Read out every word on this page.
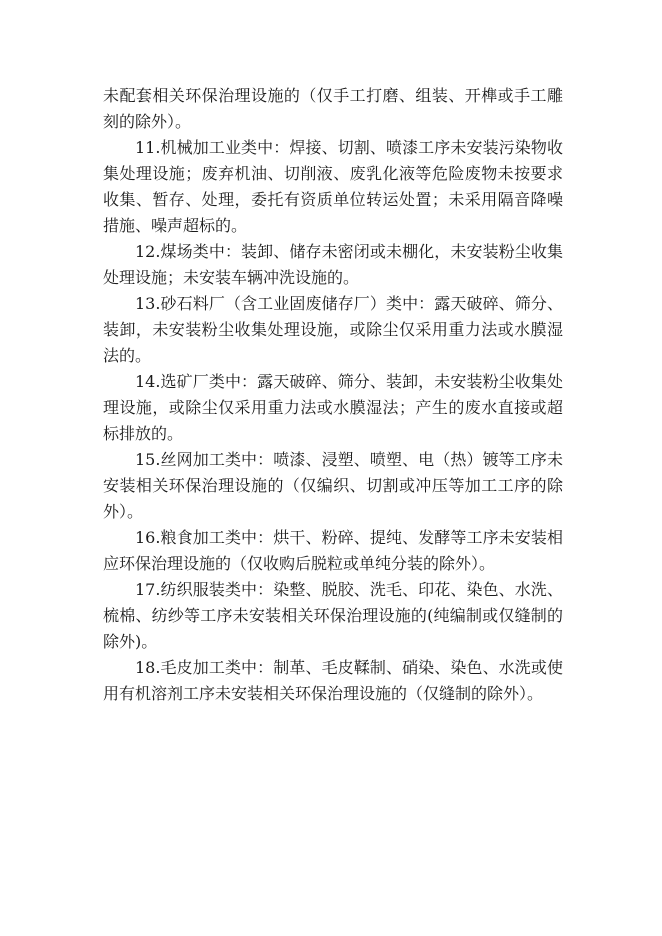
未配套相关环保治理设施的（仅手工打磨、组装、开榫或手工雕刻的除外）。

11.机械加工业类中：焊接、切割、喷漆工序未安装污染物收集处理设施；废弃机油、切削液、废乳化液等危险废物未按要求收集、暂存、处理，委托有资质单位转运处置；未采用隔音降噪措施、噪声超标的。

12.煤场类中：装卸、储存未密闭或未棚化，未安装粉尘收集处理设施；未安装车辆冲洗设施的。

13.砂石料厂（含工业固废储存厂）类中：露天破碎、筛分、装卸，未安装粉尘收集处理设施，或除尘仅采用重力法或水膜湿法的。

14.选矿厂类中：露天破碎、筛分、装卸，未安装粉尘收集处理设施，或除尘仅采用重力法或水膜湿法；产生的废水直接或超标排放的。

15.丝网加工类中：喷漆、浸塑、喷塑、电（热）镀等工序未安装相关环保治理设施的（仅编织、切割或冲压等加工工序的除外）。

16.粮食加工类中：烘干、粉碎、提纯、发酵等工序未安装相应环保治理设施的（仅收购后脱粒或单纯分装的除外）。

17.纺织服装类中：染整、脱胶、洗毛、印花、染色、水洗、梳棉、纺纱等工序未安装相关环保治理设施的(纯编制或仅缝制的除外)。

18.毛皮加工类中：制革、毛皮鞣制、硝染、染色、水洗或使用有机溶剂工序未安装相关环保治理设施的（仅缝制的除外）。
